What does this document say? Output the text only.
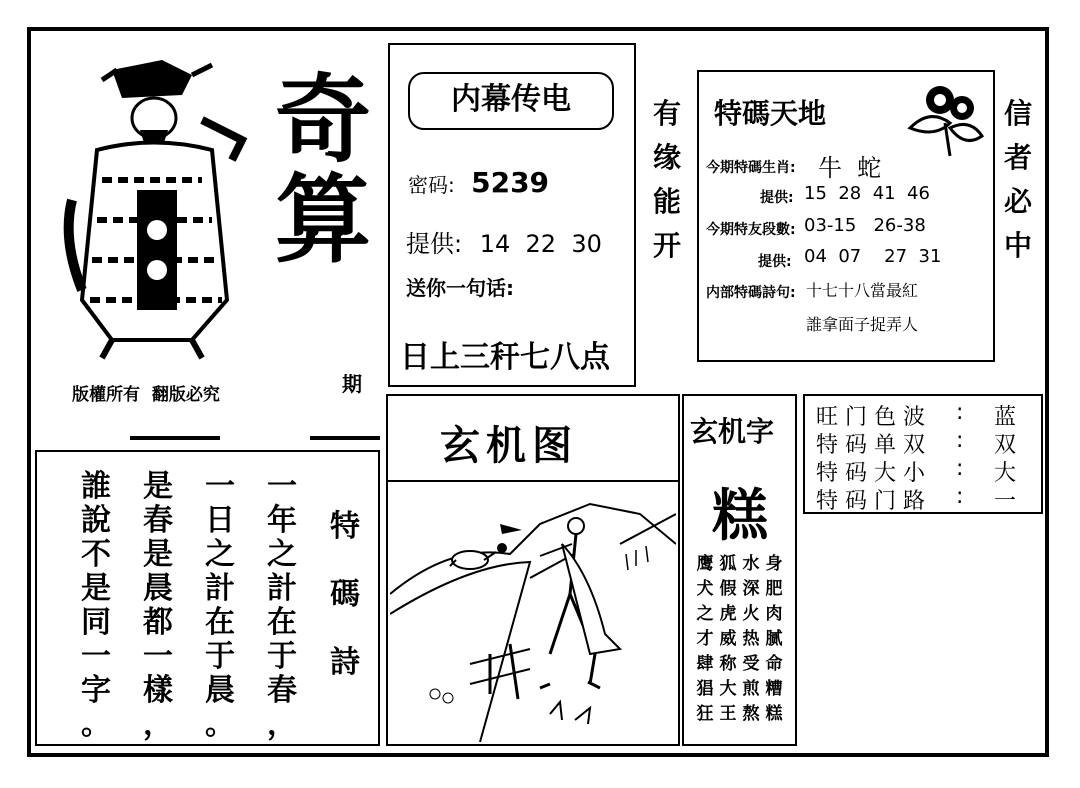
奇
算
期
版權所有  翻版必究
内幕传电
密码: 5239
提供: 14  22  30
送你一句话:
日上三秆七八点
有
缘
能
开
特碼天地
今期特碼生肖: 牛  蛇
提供: 15  28  41  46
今期特友段數: 03-15   26-38
提供: 04  07    27  31
内部特碼詩句: 十七十八當最紅
誰拿面子捉弄人
信
者
必
中
特
碼
詩
一
年
之
計
在
于
春
，
一
日
之
計
在
于
晨
。
是
春
是
晨
都
一
樣
，
誰
說
不
是
同
一
字
。
玄机图	玄机字
糕
鹰
犬
之
才
肆
猖
狂
狐
假
虎
威
称
大
王
水
深
火
热
受
煎
熬
身
肥
肉
腻
命
糟
糕
旺 门 色 波 : 蓝
特 码 单 双 : 双
特 码 大 小 : 大
特 码 门 路 : 一
